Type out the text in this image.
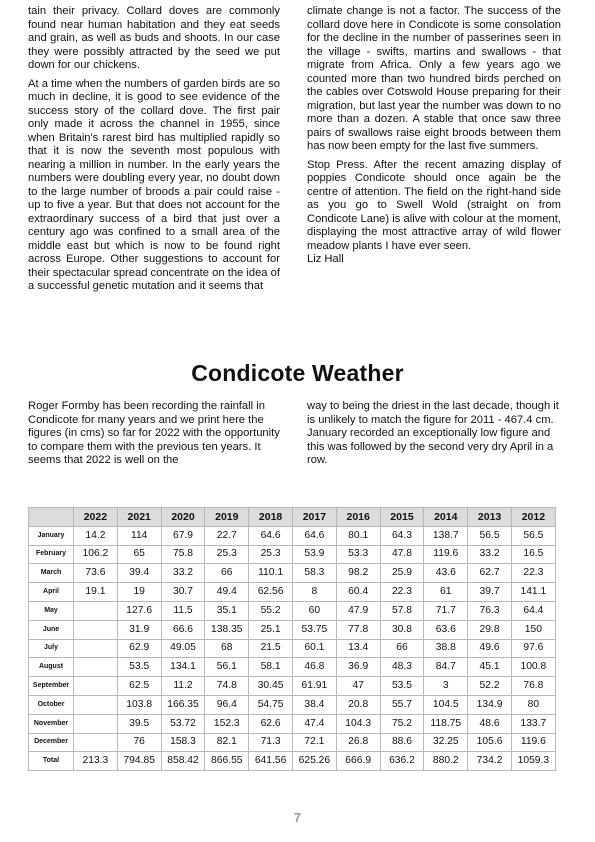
tain their privacy. Collard doves are commonly found near human habitation and they eat seeds and grain, as well as buds and shoots. In our case they were possibly attracted by the seed we put down for our chickens.

At a time when the numbers of garden birds are so much in decline, it is good to see evidence of the success story of the collard dove. The first pair only made it across the channel in 1955, since when Britain's rarest bird has multiplied rapidly so that it is now the seventh most populous with nearing a million in number. In the early years the numbers were doubling every year, no doubt down to the large number of broods a pair could raise - up to five a year. But that does not account for the extraordinary success of a bird that just over a century ago was confined to a small area of the middle east but which is now to be found right across Europe. Other suggestions to account for their spectacular spread concentrate on the idea of a successful genetic mutation and it seems that

climate change is not a factor. The success of the collard dove here in Condicote is some consolation for the decline in the number of passerines seen in the village - swifts, martins and swallows - that migrate from Africa. Only a few years ago we counted more than two hundred birds perched on the cables over Cotswold House preparing for their migration, but last year the number was down to no more than a dozen. A stable that once saw three pairs of swallows raise eight broods between them has now been empty for the last five summers.

Stop Press. After the recent amazing display of poppies Condicote should once again be the centre of attention. The field on the right-hand side as you go to Swell Wold (straight on from Condicote Lane) is alive with colour at the moment, displaying the most attractive array of wild flower meadow plants I have ever seen.

Liz Hall
Condicote Weather
Roger Formby has been recording the rainfall in Condicote for many years and we print here the figures (in cms) so far for 2022 with the opportunity to compare them with the previous ten years. It seems that 2022 is well on the
way to being the driest in the last decade, though it is unlikely to match the figure for 2011 - 467.4 cm. January recorded an exceptionally low figure and this was followed by the second very dry April in a row.
	2022	2021	2020	2019	2018	2017	2016	2015	2014	2013	2012
January	14.2	114	67.9	22.7	64.6	64.6	80.1	64.3	138.7	56.5	56.5
February	106.2	65	75.8	25.3	25.3	53.9	53.3	47.8	119.6	33.2	16.5
March	73.6	39.4	33.2	66	110.1	58.3	98.2	25.9	43.6	62.7	22.3
April	19.1	19	30.7	49.4	62.56	8	60.4	22.3	61	39.7	141.1
May		127.6	11.5	35.1	55.2	60	47.9	57.8	71.7	76.3	64.4
June		31.9	66.6	138.35	25.1	53.75	77.8	30.8	63.6	29.8	150
July		62.9	49.05	68	21.5	60.1	13.4	66	38.8	49.6	97.6
August		53.5	134.1	56.1	58.1	46.8	36.9	48.3	84.7	45.1	100.8
September		62.5	11.2	74.8	30.45	61.91	47	53.5	3	52.2	76.8
October		103.8	166.35	96.4	54.75	38.4	20.8	55.7	104.5	134.9	80
November		39.5	53.72	152.3	62.6	47.4	104.3	75.2	118.75	48.6	133.7
December		76	158.3	82.1	71.3	72.1	26.8	88.6	32.25	105.6	119.6
Total	213.3	794.85	858.42	866.55	641.56	625.26	666.9	636.2	880.2	734.2	1059.3
7
